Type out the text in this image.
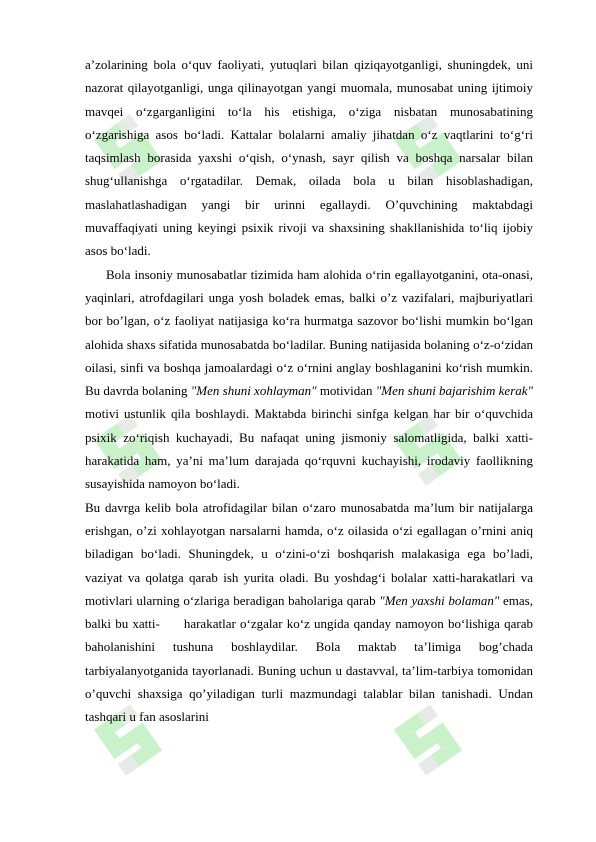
a’zolarining bola o‘quv faoliyati, yutuqlari bilan qiziqayotganligi, shuningdek, uni nazorat qilayotganligi, unga qilinayotgan yangi muomala, munosabat uning ijtimoiy mavqei o‘zgarganligini to‘la his etishiga, o‘ziga nisbatan munosabatining o‘zgarishiga asos bo‘ladi. Kattalar bolalarni amaliy jihatdan o‘z vaqtlarini to‘g‘ri taqsimlash borasida yaxshi o‘qish, o‘ynash, sayr qilish va boshqa narsalar bilan shug‘ullanishga o‘rgatadilar. Demak, oilada bola u bilan hisoblashadigan, maslahatlashadigan yangi bir urinni egallaydi. O’quvchining maktabdagi muvaffaqiyati uning keyingi psixik rivoji va shaxsining shakllanishida to‘liq ijobiy asos bo‘ladi.

Bola insoniy munosabatlar tizimida ham alohida o‘rin egallayotganini, ota-onasi, yaqinlari, atrofdagilari unga yosh boladek emas, balki o’z vazifalari, majburiyatlari bor bo’lgan, o‘z faoliyat natijasiga ko‘ra hurmatga sazovor bo‘lishi mumkin bo‘lgan alohida shaxs sifatida munosabatda bo‘ladilar. Buning natijasida bolaning o‘z-o‘zidan oilasi, sinfi va boshqa jamoalardagi o‘z o‘rnini anglay boshlaganini ko‘rish mumkin. Bu davrda bolaning "Men shuni xohlayman" motividan "Men shuni bajarishim kerak" motivi ustunlik qila boshlaydi. Maktabda birinchi sinfga kelgan har bir o‘quvchida psixik zo‘riqish kuchayadi, Bu nafaqat uning jismoniy salomatligida, balki xatti-harakatida ham, ya’ni ma’lum darajada qo‘rquvni kuchayishi, irodaviy faollikning susayishida namoyon bo‘ladi.

Bu davrga kelib bola atrofidagilar bilan o‘zaro munosabatda ma’lum bir natijalarga erishgan, o’zi xohlayotgan narsalarni hamda, o‘z oilasida o‘zi egallagan o’rnini aniq biladigan bo‘ladi. Shuningdek, u o‘zini-o‘zi boshqarish malakasiga ega bo’ladi, vaziyat va qolatga qarab ish yurita oladi. Bu yoshdag‘i bolalar xatti-harakatlari va motivlari ularning o‘zlariga beradigan baholariga qarab "Men yaxshi bolaman" emas, balki bu xatti- harakatlar o‘zgalar ko‘z ungida qanday namoyon bo‘lishiga qarab baholanishini tushuna boshlaydilar. Bola maktab ta’limiga bog’chada tarbiyalanyotganida tayorlanadi. Buning uchun u dastavval, ta’lim-tarbiya tomonidan o’quvchi shaxsiga qo’yiladigan turli mazmundagi talablar bilan tanishadi. Undan tashqari u fan asoslarini
